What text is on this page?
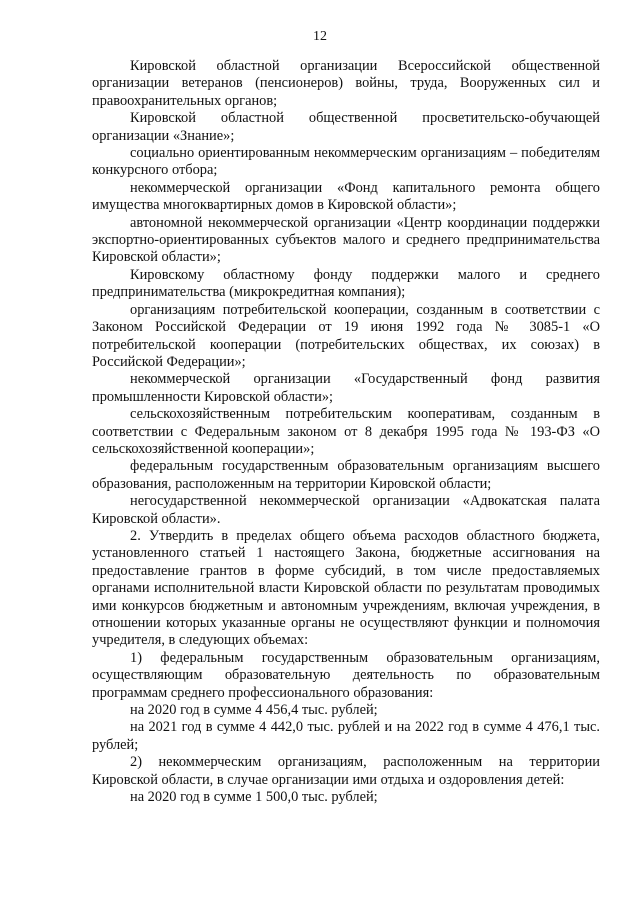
12

Кировской областной организации Всероссийской общественной организации ветеранов (пенсионеров) войны, труда, Вооруженных сил и правоохранительных органов;

Кировской областной общественной просветительско-обучающей организации «Знание»;

социально ориентированным некоммерческим организациям – победителям конкурсного отбора;

некоммерческой организации «Фонд капитального ремонта общего имущества многоквартирных домов в Кировской области»;

автономной некоммерческой организации «Центр координации поддержки экспортно-ориентированных субъектов малого и среднего предпринимательства Кировской области»;

Кировскому областному фонду поддержки малого и среднего предпринимательства (микрокредитная компания);

организациям потребительской кооперации, созданным в соответствии с Законом Российской Федерации от 19 июня 1992 года № 3085-1 «О потребительской кооперации (потребительских обществах, их союзах) в Российской Федерации»;

некоммерческой организации «Государственный фонд развития промышленности Кировской области»;

сельскохозяйственным потребительским кооперативам, созданным в соответствии с Федеральным законом от 8 декабря 1995 года № 193-ФЗ «О сельскохозяйственной кооперации»;

федеральным государственным образовательным организациям высшего образования, расположенным на территории Кировской области;

негосударственной некоммерческой организации «Адвокатская палата Кировской области».

2. Утвердить в пределах общего объема расходов областного бюджета, установленного статьей 1 настоящего Закона, бюджетные ассигнования на предоставление грантов в форме субсидий, в том числе предоставляемых органами исполнительной власти Кировской области по результатам проводимых ими конкурсов бюджетным и автономным учреждениям, включая учреждения, в отношении которых указанные органы не осуществляют функции и полномочия учредителя, в следующих объемах:

1) федеральным государственным образовательным организациям, осуществляющим образовательную деятельность по образовательным программам среднего профессионального образования:

на 2020 год в сумме 4 456,4 тыс. рублей;

на 2021 год в сумме 4 442,0 тыс. рублей и на 2022 год в сумме 4 476,1 тыс. рублей;

2) некоммерческим организациям, расположенным на территории Кировской области, в случае организации ими отдыха и оздоровления детей:

на 2020 год в сумме 1 500,0 тыс. рублей;
